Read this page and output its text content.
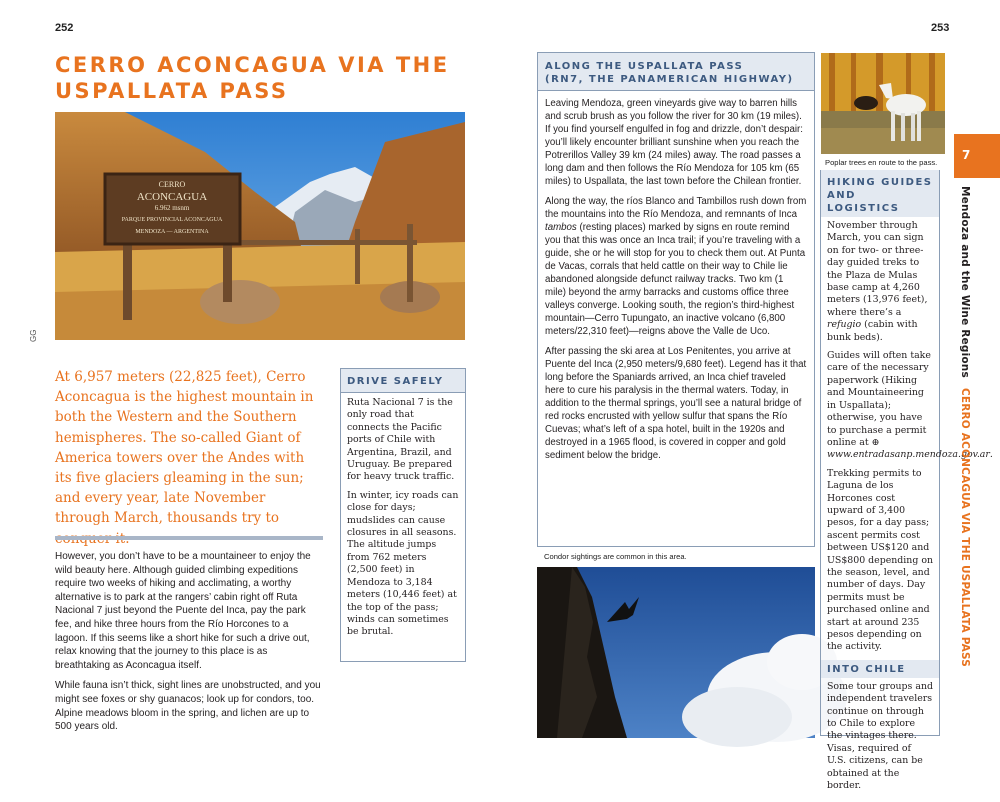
252	253
CERRO ACONCAGUA VIA THE USPALLATA PASS
CERRO
ACONCAGUA
6.962 msnm
PARQUE PROVINCIAL ACONCAGUA
MENDOZA — ARGENTINA
GG
At 6,957 meters (22,825 feet), Cerro Aconcagua is the highest mountain in both the Western and the Southern hemispheres. The so-called Giant of America towers over the Andes with its five glaciers gleaming in the sun; and every year, late November through March, thousands try to

However, you don’t have to be a mountaineer to enjoy the wild beauty here. Although guided climbing expeditions require two weeks of hiking and acclimating, a worthy alternative is to park at the rangers’ cabin right off Ruta Nacional 7 just beyond the Puente del Inca, pay the park fee, and hike three hours from the Río Horcones to a lagoon. If this seems like a short hike for such a drive out, relax knowing that the journey to this place is as breathtaking as Aconcagua itself.

While fauna isn’t thick, sight lines are unobstructed, and you might see foxes or shy guanacos; look up for condors, too. Alpine meadows bloom in the spring, and lichen are up to 500 years old.

DRIVE SAFELY

Ruta Nacional 7 is the only road that connects the Pacific ports of Chile with Argentina, Brazil, and Uruguay. Be prepared for heavy truck traffic.

In winter, icy roads can close for days; mudslides can cause closures in all seasons. The altitude jumps from 762 meters (2,500 feet) in Mendoza to 3,184 meters (10,446 feet) at the top of the pass; winds can sometimes be brutal.

ALONG THE USPALLATA PASS
(RN7, THE PANAMERICAN HIGHWAY)

Leaving Mendoza, green vineyards give way to barren hills and scrub brush as you follow the river for 30 km (19 miles). If you find yourself engulfed in fog and drizzle, don’t despair: you’ll likely encounter brilliant sunshine when you reach the Potrerillos Valley 39 km (24 miles) away. The road passes a long dam and then follows the Río Mendoza for 105 km (65 miles) to Uspallata, the last town before the Chilean frontier.

Along the way, the ríos Blanco and Tambillos rush down from the mountains into the Río Mendoza, and remnants of Inca tambos (resting places) marked by signs en route remind you that this was once an Inca trail; if you’re traveling with a guide, she or he will stop for you to check them out. At Punta de Vacas, corrals that held cattle on their way to Chile lie abandoned alongside defunct railway tracks. Two km (1 mile) beyond the army barracks and customs office three valleys converge. Looking south, the region’s third-highest mountain—Cerro Tupungato, an inactive volcano (6,800 meters/22,310 feet)—reigns above the Valle de Uco.

After passing the ski area at Los Penitentes, you arrive at Puente del Inca (2,950 meters/9,680 feet). Legend has it that long before the Spaniards arrived, an Inca chief traveled here to cure his paralysis in the thermal waters. Today, in addition to the thermal springs, you’ll see a natural bridge of red rocks encrusted with yellow sulfur that spans the Río Cuevas; what’s left of a spa hotel, built in the 1920s and destroyed in a 1965 flood, is covered in copper and gold sediment below the bridge.

Condor sightings are common in this area.
Poplar trees en route to the pass.
HIKING GUIDES
AND LOGISTICS

November through March, you can sign on for two- or three-day guided treks to the Plaza de Mulas base camp at 4,260 meters (13,976 feet), where there’s a refugio (cabin with bunk beds).

Guides will often take care of the necessary paperwork (Hiking and Mountaineering in Uspallata); otherwise, you have to purchase a permit online at ⊕ www.entradasanp.mendoza.gov.ar.

Trekking permits to Laguna de los Horcones cost upward of 3,400 pesos, for a day pass; ascent permits cost between US$120 and US$800 depending on the season, level, and number of days. Day permits must be purchased online and start at around 235 pesos depending on the activity.

INTO CHILE

Some tour groups and independent travelers continue on through to Chile to explore the vintages there. Visas, required of U.S. citizens, can be obtained at the border.

7
Mendoza and the Wine RegionsCERRO ACONCAGUA VIA THE USPALLATA PASS
